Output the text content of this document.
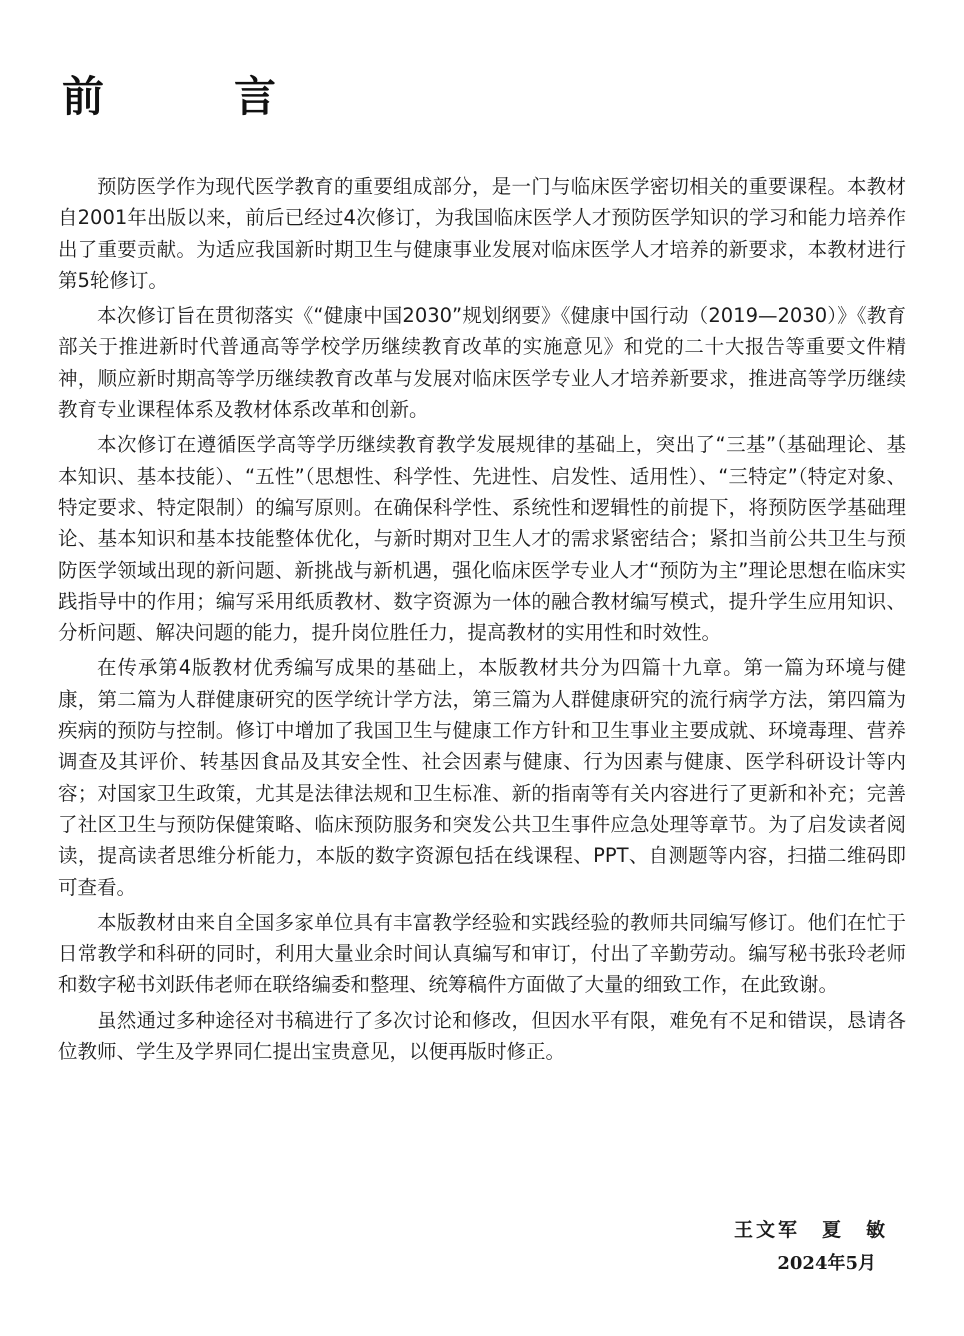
前　言

预防医学作为现代医学教育的重要组成部分，是一门与临床医学密切相关的重要课程。本教材自2001年出版以来，前后已经过4次修订，为我国临床医学人才预防医学知识的学习和能力培养作出了重要贡献。为适应我国新时期卫生与健康事业发展对临床医学人才培养的新要求，本教材进行第5轮修订。

本次修订旨在贯彻落实《“健康中国2030”规划纲要》《健康中国行动（2019—2030）》《教育部关于推进新时代普通高等学校学历继续教育改革的实施意见》和党的二十大报告等重要文件精神，顺应新时期高等学历继续教育改革与发展对临床医学专业人才培养新要求，推进高等学历继续教育专业课程体系及教材体系改革和创新。

本次修订在遵循医学高等学历继续教育教学发展规律的基础上，突出了“三基”（基础理论、基本知识、基本技能）、“五性”（思想性、科学性、先进性、启发性、适用性）、“三特定”（特定对象、特定要求、特定限制）的编写原则。在确保科学性、系统性和逻辑性的前提下，将预防医学基础理论、基本知识和基本技能整体优化，与新时期对卫生人才的需求紧密结合；紧扣当前公共卫生与预防医学领域出现的新问题、新挑战与新机遇，强化临床医学专业人才“预防为主”理论思想在临床实践指导中的作用；编写采用纸质教材、数字资源为一体的融合教材编写模式，提升学生应用知识、分析问题、解决问题的能力，提升岗位胜任力，提高教材的实用性和时效性。

在传承第4版教材优秀编写成果的基础上，本版教材共分为四篇十九章。第一篇为环境与健康，第二篇为人群健康研究的医学统计学方法，第三篇为人群健康研究的流行病学方法，第四篇为疾病的预防与控制。修订中增加了我国卫生与健康工作方针和卫生事业主要成就、环境毒理、营养调查及其评价、转基因食品及其安全性、社会因素与健康、行为因素与健康、医学科研设计等内容；对国家卫生政策，尤其是法律法规和卫生标准、新的指南等有关内容进行了更新和补充；完善了社区卫生与预防保健策略、临床预防服务和突发公共卫生事件应急处理等章节。为了启发读者阅读，提高读者思维分析能力，本版的数字资源包括在线课程、PPT、自测题等内容，扫描二维码即可查看。

本版教材由来自全国多家单位具有丰富教学经验和实践经验的教师共同编写修订。他们在忙于日常教学和科研的同时，利用大量业余时间认真编写和审订，付出了辛勤劳动。编写秘书张玲老师和数字秘书刘跃伟老师在联络编委和整理、统筹稿件方面做了大量的细致工作，在此致谢。

虽然通过多种途径对书稿进行了多次讨论和修改，但因水平有限，难免有不足和错误，恳请各位教师、学生及学界同仁提出宝贵意见，以便再版时修正。

王文军　夏　敏
2024年5月
